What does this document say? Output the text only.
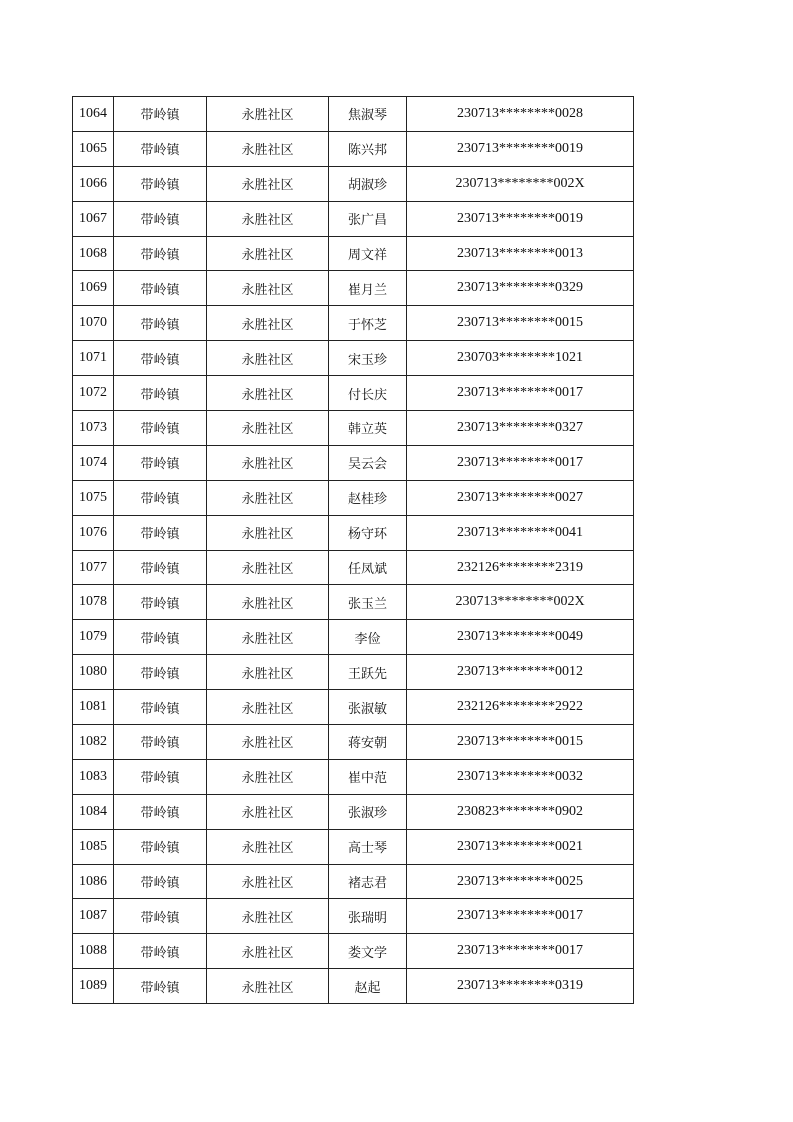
1064	带岭镇	永胜社区	焦淑琴	230713********0028
1065	带岭镇	永胜社区	陈兴邦	230713********0019
1066	带岭镇	永胜社区	胡淑珍	230713********002X
1067	带岭镇	永胜社区	张广昌	230713********0019
1068	带岭镇	永胜社区	周文祥	230713********0013
1069	带岭镇	永胜社区	崔月兰	230713********0329
1070	带岭镇	永胜社区	于怀芝	230713********0015
1071	带岭镇	永胜社区	宋玉珍	230703********1021
1072	带岭镇	永胜社区	付长庆	230713********0017
1073	带岭镇	永胜社区	韩立英	230713********0327
1074	带岭镇	永胜社区	吴云会	230713********0017
1075	带岭镇	永胜社区	赵桂珍	230713********0027
1076	带岭镇	永胜社区	杨守环	230713********0041
1077	带岭镇	永胜社区	任凤斌	232126********2319
1078	带岭镇	永胜社区	张玉兰	230713********002X
1079	带岭镇	永胜社区	李俭	230713********0049
1080	带岭镇	永胜社区	王跃先	230713********0012
1081	带岭镇	永胜社区	张淑敏	232126********2922
1082	带岭镇	永胜社区	蒋安朝	230713********0015
1083	带岭镇	永胜社区	崔中范	230713********0032
1084	带岭镇	永胜社区	张淑珍	230823********0902
1085	带岭镇	永胜社区	高士琴	230713********0021
1086	带岭镇	永胜社区	褚志君	230713********0025
1087	带岭镇	永胜社区	张瑞明	230713********0017
1088	带岭镇	永胜社区	娄文学	230713********0017
1089	带岭镇	永胜社区	赵起	230713********0319
